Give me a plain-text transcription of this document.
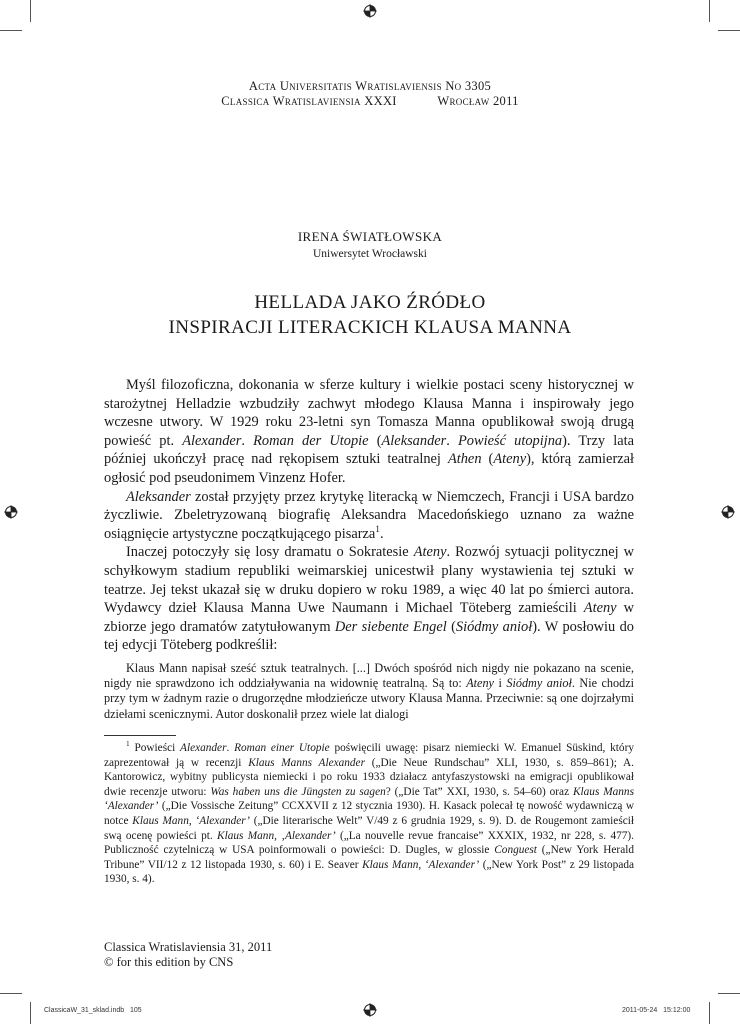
Acta Universitatis Wratislaviensis No 3305
Classica Wratislaviensia XXXI	Wrocław 2011
IRENA ŚWIATŁOWSKA
Uniwersytet Wrocławski
HELLADA JAKO ŹRÓDŁO
INSPIRACJI LITERACKICH KLAUSA MANNA

Myśl filozoficzna, dokonania w sferze kultury i wielkie postaci sceny historycznej w starożytnej Helladzie wzbudziły zachwyt młodego Klausa Manna i inspirowały jego wczesne utwory. W 1929 roku 23-letni syn Tomasza Manna opublikował swoją drugą powieść pt. Alexander. Roman der Utopie (Aleksander. Powieść utopijna). Trzy lata później ukończył pracę nad rękopisem sztuki teatralnej Athen (Ateny), którą zamierzał ogłosić pod pseudonimem Vinzenz Hofer.

Aleksander został przyjęty przez krytykę literacką w Niemczech, Francji i USA bardzo życzliwie. Zbeletryzowaną biografię Aleksandra Macedońskiego uznano za ważne osiągnięcie artystyczne początkującego pisarza$^1$.

Inaczej potoczyły się losy dramatu o Sokratesie Ateny. Rozwój sytuacji politycznej w schyłkowym stadium republiki weimarskiej unicestwił plany wystawienia tej sztuki w teatrze. Jej tekst ukazał się w druku dopiero w roku 1989, a więc 40 lat po śmierci autora. Wydawcy dzieł Klausa Manna Uwe Naumann i Michael Töteberg zamieścili Ateny w zbiorze jego dramatów zatytułowanym Der siebente Engel (Siódmy anioł). W posłowiu do tej edycji Töteberg podkreślił:

Klaus Mann napisał sześć sztuk teatralnych. [...] Dwóch spośród nich nigdy nie pokazano na scenie, nigdy nie sprawdzono ich oddziaływania na widownię teatralną. Są to: Ateny i Siódmy anioł. Nie chodzi przy tym w żadnym razie o drugorzędne młodzieńcze utwory Klausa Manna. Przeciwnie: są one dojrzałymi dziełami scenicznymi. Autor doskonalił przez wiele lat dialogi
$^1$ Powieści Alexander. Roman einer Utopie poświęcili uwagę: pisarz niemiecki W. Emanuel Süskind, który zaprezentował ją w recenzji Klaus Manns Alexander („Die Neue Rundschau” XLI, 1930, s. 859–861); A. Kantorowicz, wybitny publicysta niemiecki i po roku 1933 działacz antyfaszystowski na emigracji opublikował dwie recenzje utworu: Was haben uns die Jüngsten zu sagen? („Die Tat” XXI, 1930, s. 54–60) oraz Klaus Manns ‘Alexander’ („Die Vossische Zeitung” CCXXVII z 12 stycznia 1930). H. Kasack polecał tę nowość wydawniczą w notce Klaus Mann, ‘Alexander’ („Die literarische Welt” V/49 z 6 grudnia 1929, s. 9). D. de Rougemont zamieścił swą ocenę powieści pt. Klaus Mann, ‚Alexander’ („La nouvelle revue francaise” XXXIX, 1932, nr 228, s. 477). Publiczność czytelniczą w USA poinformowali o powieści: D. Dugles, w glossie Conguest („New York Herald Tribune” VII/12 z 12 listopada 1930, s. 60) i E. Seaver Klaus Mann, ‘Alexander’ („New York Post” z 29 listopada 1930, s. 4).
Classica Wratislaviensia 31, 2011
© for this edition by CNS
ClassicaW_31_sklad.indb   105	2011-05-24   15:12:00
